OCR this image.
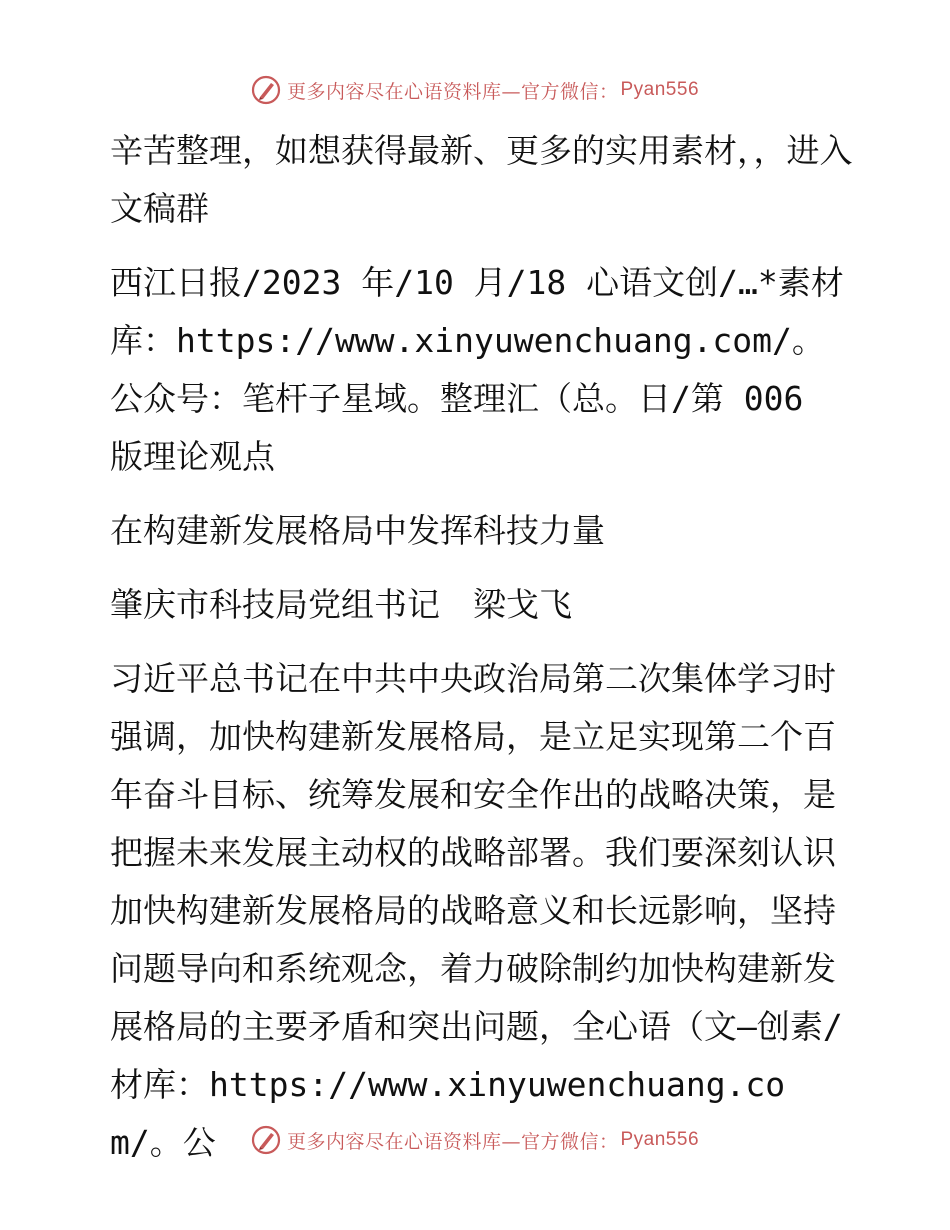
更多内容尽在心语资料库—官方微信： Pyan556

辛苦整理，如想获得最新、更多的实用素材，，进入文稿群

西江日报/2023 年/10 月/18 心语文创/…*素材库：https://www.xinyuwenchuang.com/。公众号：笔杆子星域。整理汇（总。日/第 006 版理论观点

在构建新发展格局中发挥科技力量

肇庆市科技局党组书记　梁戈飞

习近平总书记在中共中央政治局第二次集体学习时强调，加快构建新发展格局，是立足实现第二个百年奋斗目标、统筹发展和安全作出的战略决策，是把握未来发展主动权的战略部署。我们要深刻认识加快构建新发展格局的战略意义和长远影响，坚持问题导向和系统观念，着力破除制约加快构建新发展格局的主要矛盾和突出问题，全心语（文—创素/材库：https://www.xinyuwenchuang.com/。公	更多内容尽在心语资料库—官方微信： Pyan556
